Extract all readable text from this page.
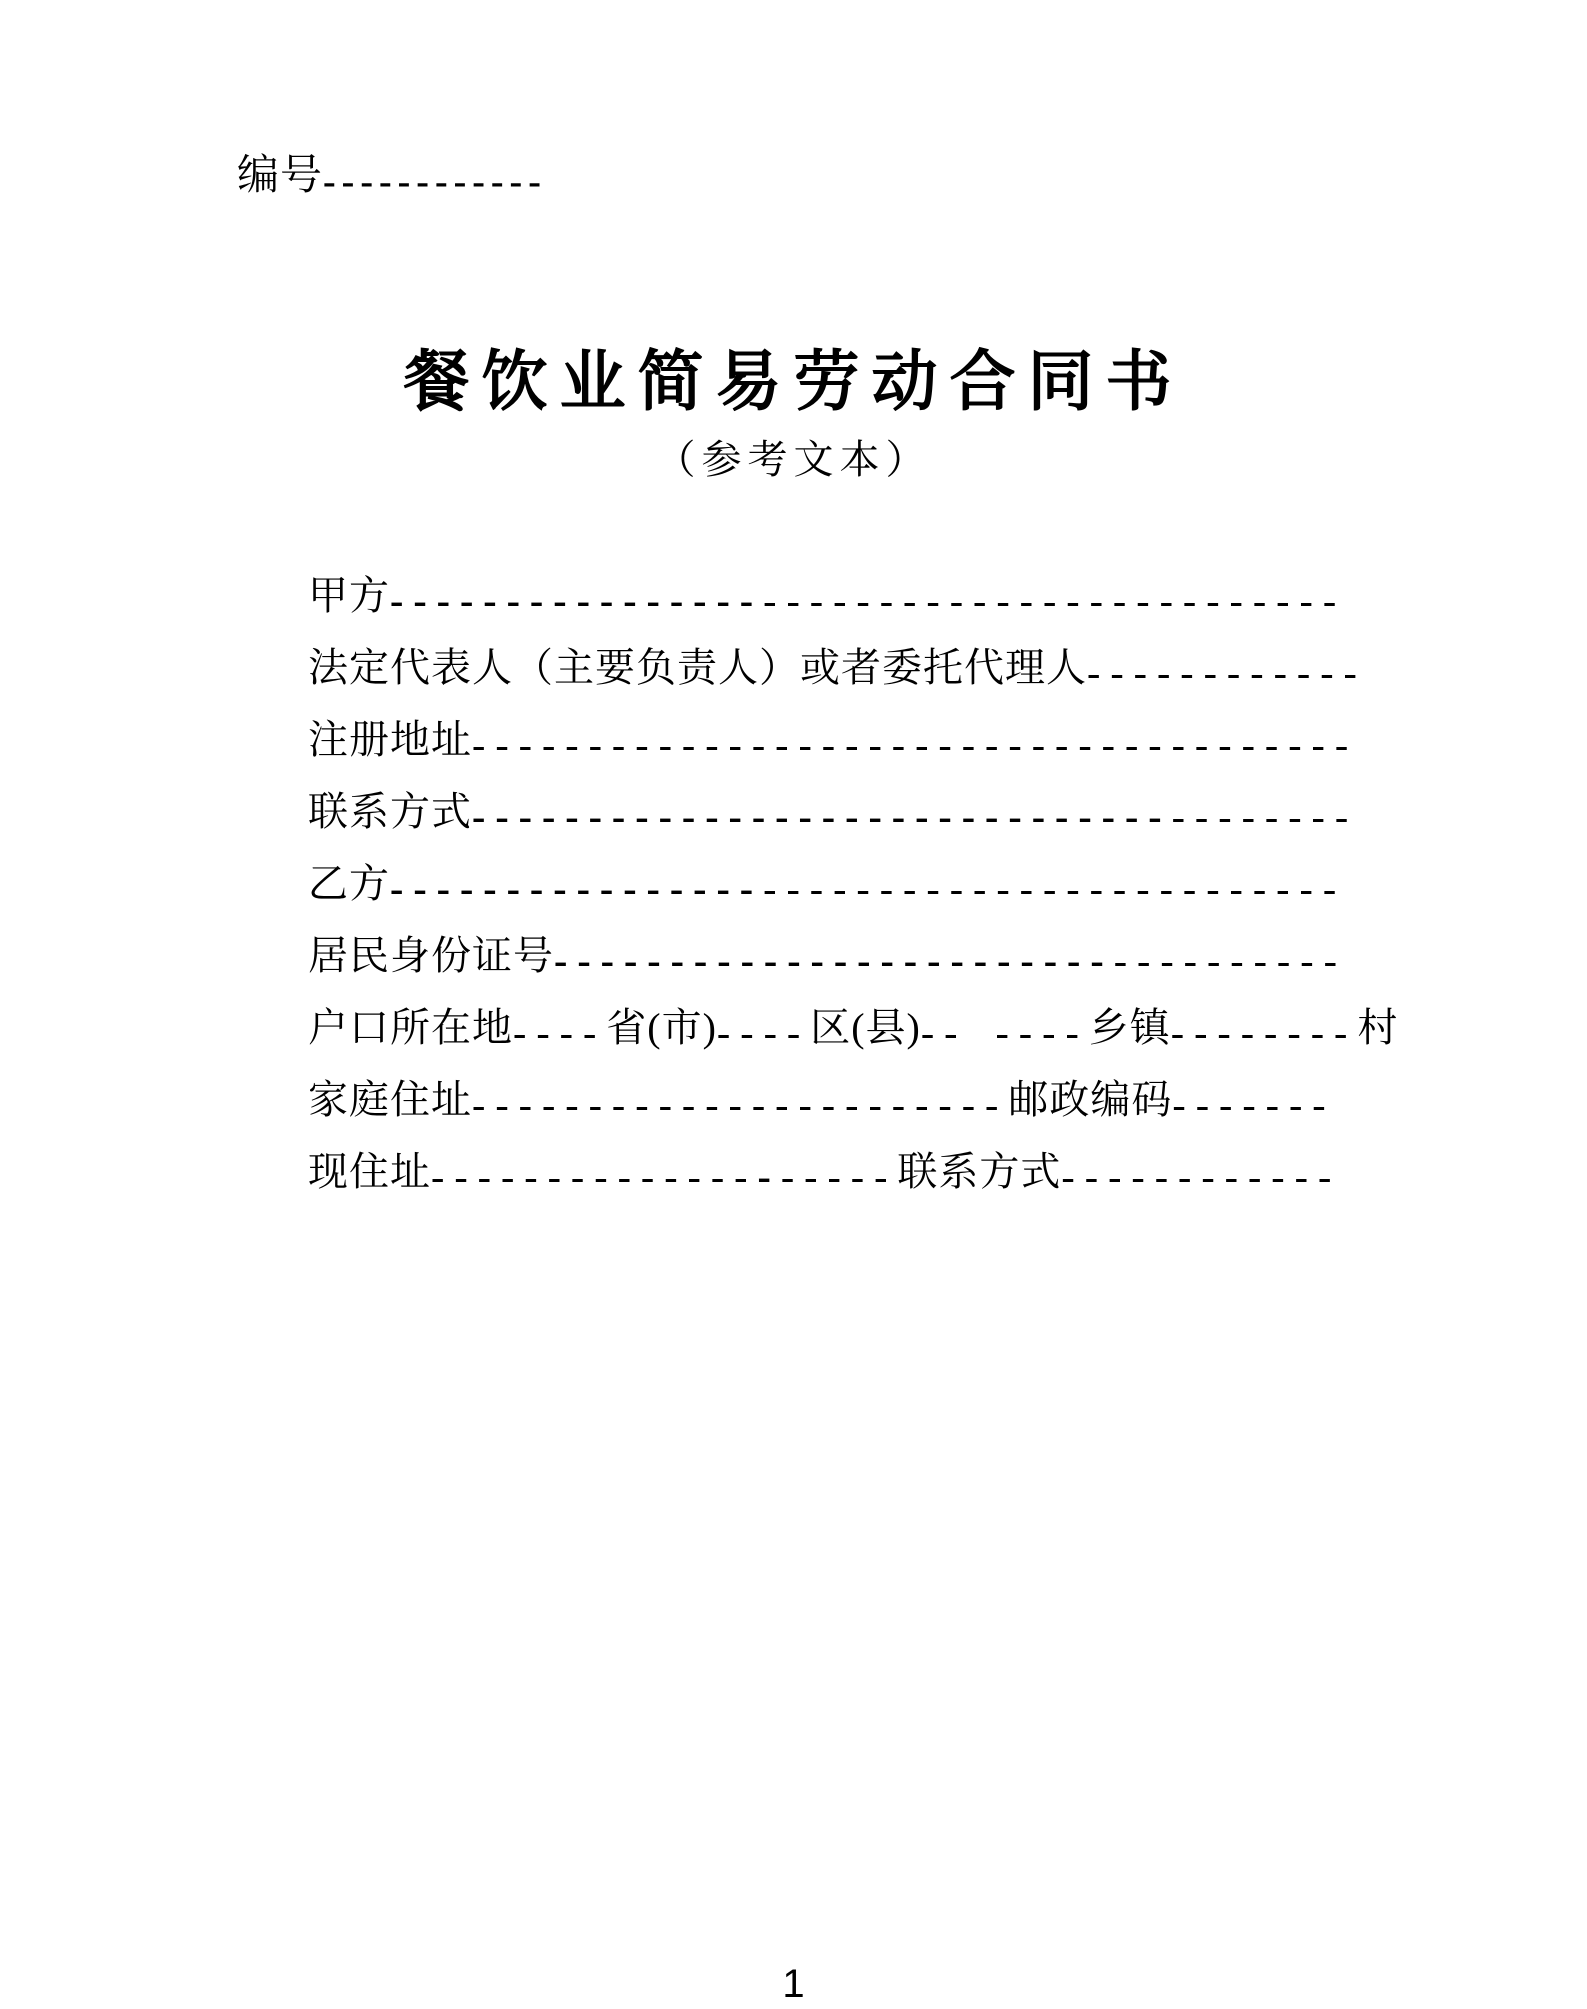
编号------------
餐饮业简易劳动合同书
（参考文本）
甲方-----------------------------------------
法定代表人（主要负责人）或者委托代理人------------
注册地址--------------------------------------
联系方式--------------------------------------
乙方-----------------------------------------
居民身份证号----------------------------------
户口所在地----省(市)----区(县)-- ----乡镇--------村
家庭住址-----------------------邮政编码-------
现住址--------------------联系方式------------
1
